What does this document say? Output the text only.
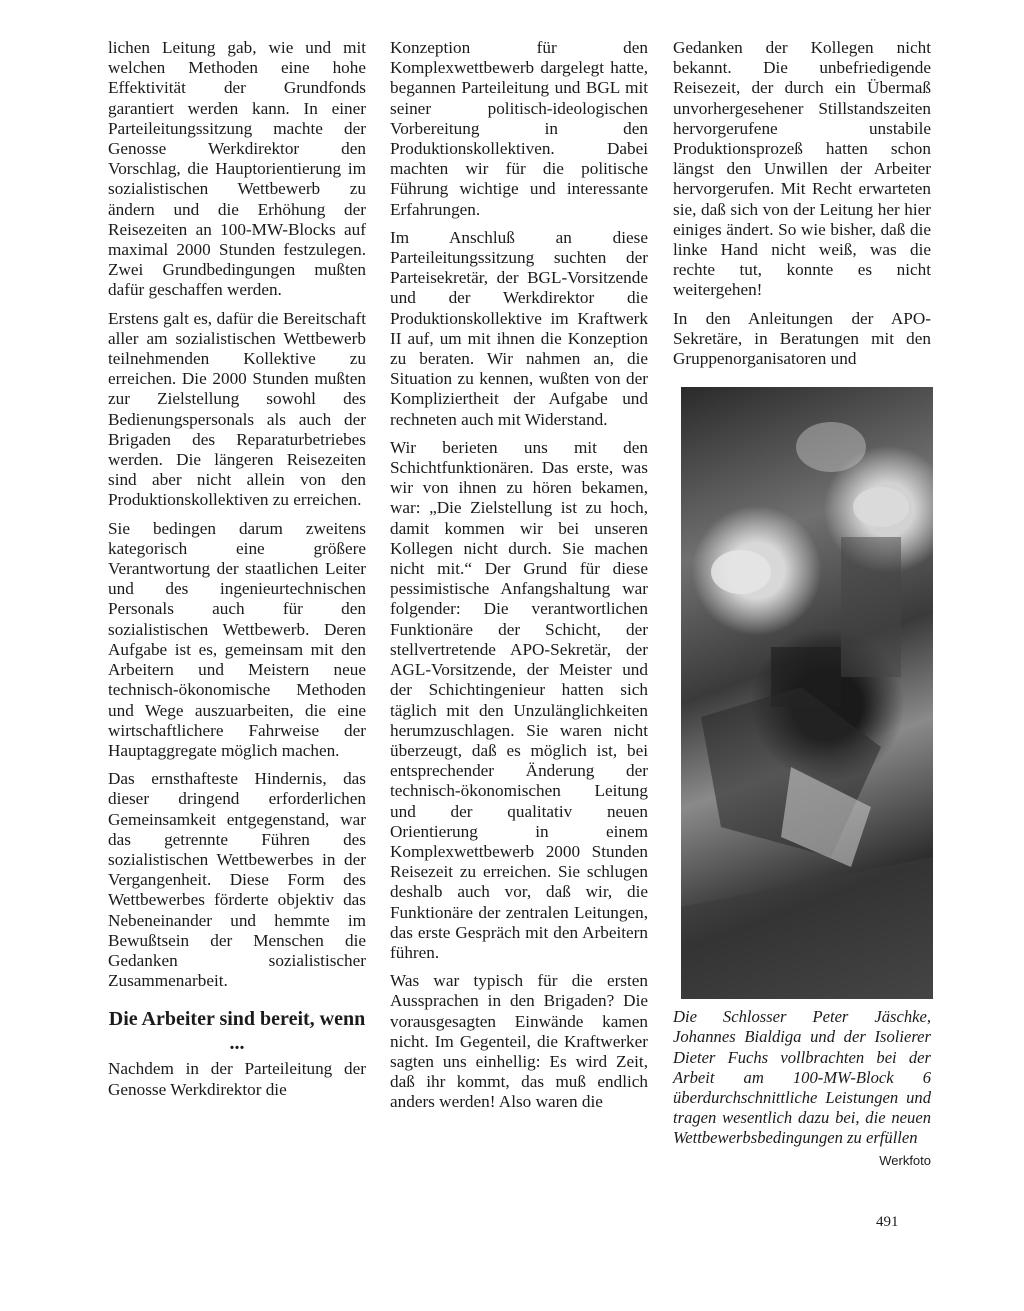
lichen Leitung gab, wie und mit welchen Methoden eine hohe Effektivität der Grundfonds garantiert werden kann. In einer Parteileitungssitzung machte der Genosse Werkdirektor den Vorschlag, die Hauptorientierung im sozialistischen Wettbewerb zu ändern und die Erhöhung der Reisezeiten an 100-MW-Blocks auf maximal 2000 Stunden festzulegen. Zwei Grundbedingungen mußten dafür geschaffen werden.

Erstens galt es, dafür die Bereitschaft aller am sozialistischen Wettbewerb teilnehmenden Kollektive zu erreichen. Die 2000 Stunden mußten zur Zielstellung sowohl des Bedienungspersonals als auch der Brigaden des Reparaturbetriebes werden. Die längeren Reisezeiten sind aber nicht allein von den Produktionskollektiven zu erreichen.

Sie bedingen darum zweitens kategorisch eine größere Verantwortung der staatlichen Leiter und des ingenieurtechnischen Personals auch für den sozialistischen Wettbewerb. Deren Aufgabe ist es, gemeinsam mit den Arbeitern und Meistern neue technisch-ökonomische Methoden und Wege auszuarbeiten, die eine wirtschaftlichere Fahrweise der Hauptaggregate möglich machen.

Das ernsthafteste Hindernis, das dieser dringend erforderlichen Gemeinsamkeit entgegenstand, war das getrennte Führen des sozialistischen Wettbewerbes in der Vergangenheit. Diese Form des Wettbewerbes förderte objektiv das Nebeneinander und hemmte im Bewußtsein der Menschen die Gedanken sozialistischer Zusammenarbeit.

Die Arbeiter sind bereit, wenn ...

Nachdem in der Parteileitung der Genosse Werkdirektor die

Konzeption für den Komplexwettbewerb dargelegt hatte, begannen Parteileitung und BGL mit seiner politisch-ideologischen Vorbereitung in den Produktionskollektiven. Dabei machten wir für die politische Führung wichtige und interessante Erfahrungen.

Im Anschluß an diese Parteileitungssitzung suchten der Parteisekretär, der BGL-Vorsitzende und der Werkdirektor die Produktionskollektive im Kraftwerk II auf, um mit ihnen die Konzeption zu beraten. Wir nahmen an, die Situation zu kennen, wußten von der Kompliziertheit der Aufgabe und rechneten auch mit Widerstand.

Wir berieten uns mit den Schichtfunktionären. Das erste, was wir von ihnen zu hören bekamen, war: „Die Zielstellung ist zu hoch, damit kommen wir bei unseren Kollegen nicht durch. Sie machen nicht mit.“ Der Grund für diese pessimistische Anfangshaltung war folgender: Die verantwortlichen Funktionäre der Schicht, der stellvertretende APO-Sekretär, der AGL-Vorsitzende, der Meister und der Schichtingenieur hatten sich täglich mit den Unzulänglichkeiten herumzuschlagen. Sie waren nicht überzeugt, daß es möglich ist, bei entsprechender Änderung der technisch-ökonomischen Leitung und der qualitativ neuen Orientierung in einem Komplexwettbewerb 2000 Stunden Reisezeit zu erreichen. Sie schlugen deshalb auch vor, daß wir, die Funktionäre der zentralen Leitungen, das erste Gespräch mit den Arbeitern führen.

Was war typisch für die ersten Aussprachen in den Brigaden? Die vorausgesagten Einwände kamen nicht. Im Gegenteil, die Kraftwerker sagten uns einhellig: Es wird Zeit, daß ihr kommt, das muß endlich anders werden! Also waren die

Gedanken der Kollegen nicht bekannt. Die unbefriedigende Reisezeit, der durch ein Übermaß unvorhergesehener Stillstandszeiten hervorgerufene unstabile Produktionsprozeß hatten schon längst den Unwillen der Arbeiter hervorgerufen. Mit Recht erwarteten sie, daß sich von der Leitung her hier einiges ändert. So wie bisher, daß die linke Hand nicht weiß, was die rechte tut, konnte es nicht weitergehen!

In den Anleitungen der APO-Sekretäre, in Beratungen mit den Gruppenorganisatoren und

Die Schlosser Peter Jäschke, Johannes Bialdiga und der Isolierer Dieter Fuchs vollbrachten bei der Arbeit am 100-MW-Block 6 überdurchschnittliche Leistungen und tragen wesentlich dazu bei, die neuen Wettbewerbsbedingungen zu erfüllen
Werkfoto
491
